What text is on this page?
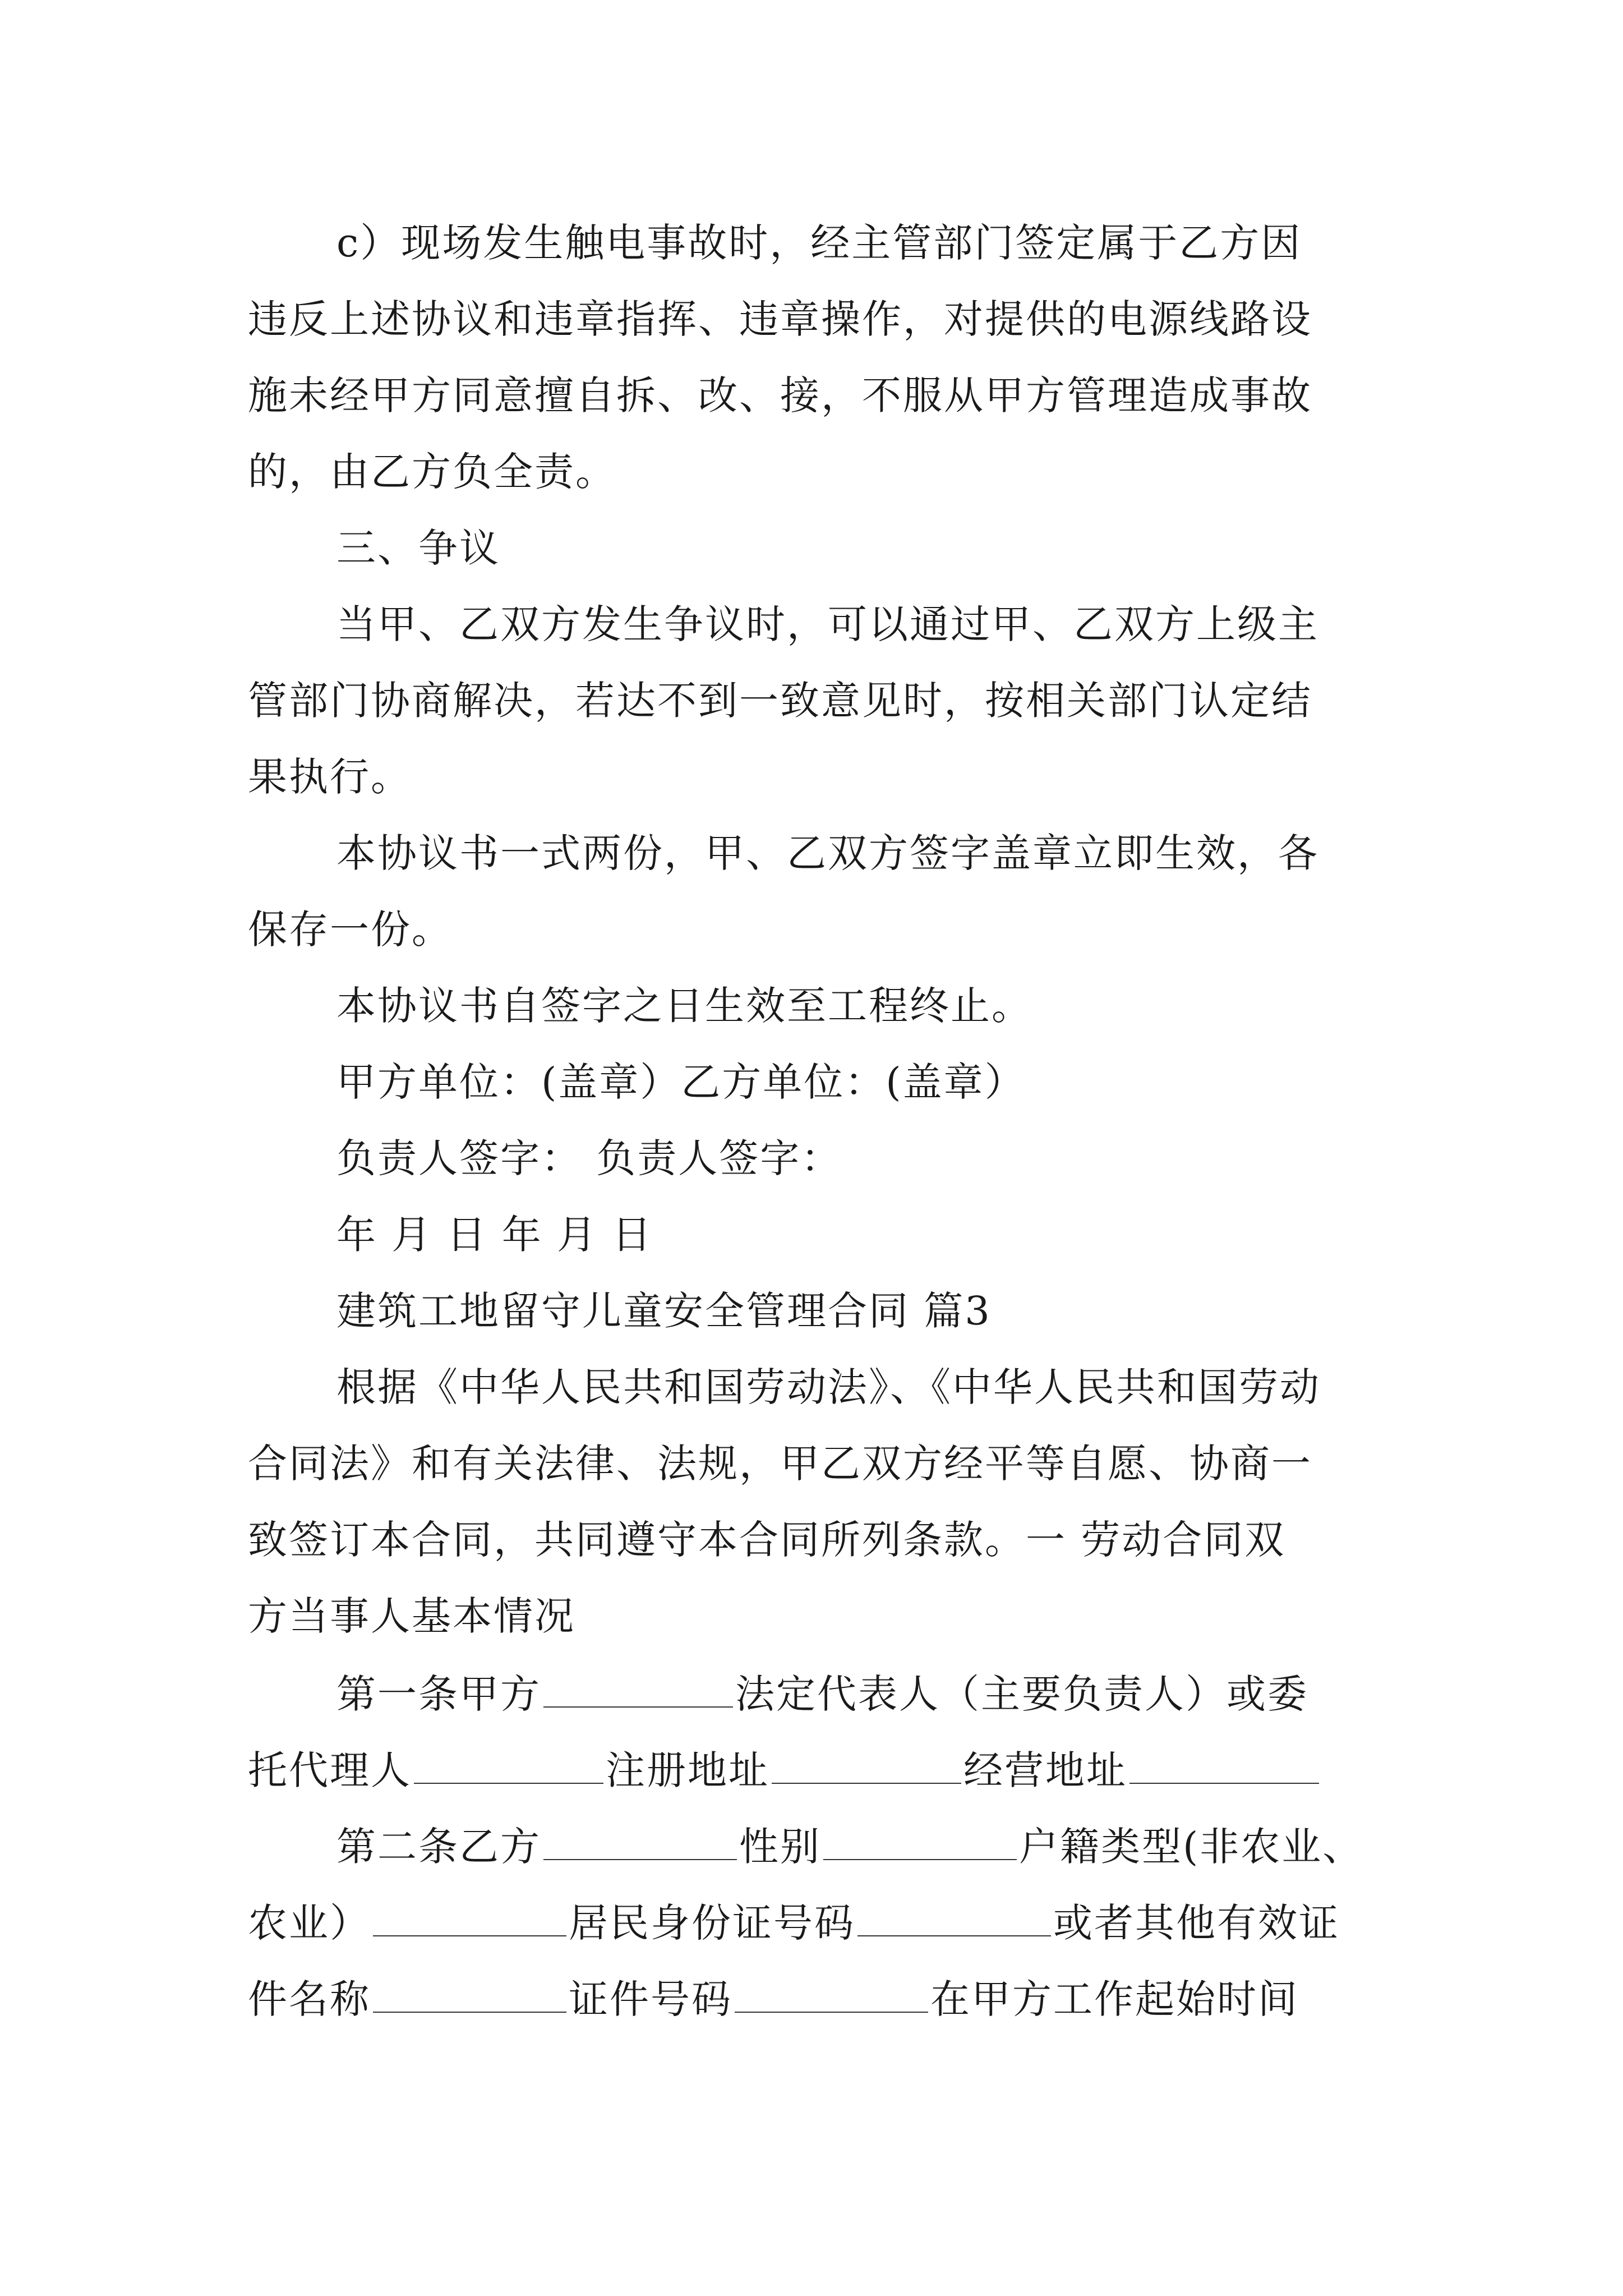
c）现场发生触电事故时，经主管部门签定属于乙方因
违反上述协议和违章指挥、违章操作，对提供的电源线路设
施未经甲方同意擅自拆、改、接，不服从甲方管理造成事故
的，由乙方负全责。
三、争议
当甲、乙双方发生争议时，可以通过甲、乙双方上级主
管部门协商解决，若达不到一致意见时，按相关部门认定结
果执行。
本协议书一式两份，甲、乙双方签字盖章立即生效，各
保存一份。
本协议书自签字之日生效至工程终止。
甲方单位：(盖章）乙方单位：(盖章）
负责人签字： 负责人签字：
年 月 日 年 月 日
建筑工地留守儿童安全管理合同 篇3
根据《中华人民共和国劳动法》、《中华人民共和国劳动
合同法》和有关法律、法规，甲乙双方经平等自愿、协商一
致签订本合同，共同遵守本合同所列条款。一 劳动合同双
方当事人基本情况
第一条甲方	法定代表人（主要负责人）或委
托代理人	注册地址	经营地址
第二条乙方	性别	户籍类型(非农业、
农业）	居民身份证号码	或者其他有效证
件名称	证件号码	在甲方工作起始时间
